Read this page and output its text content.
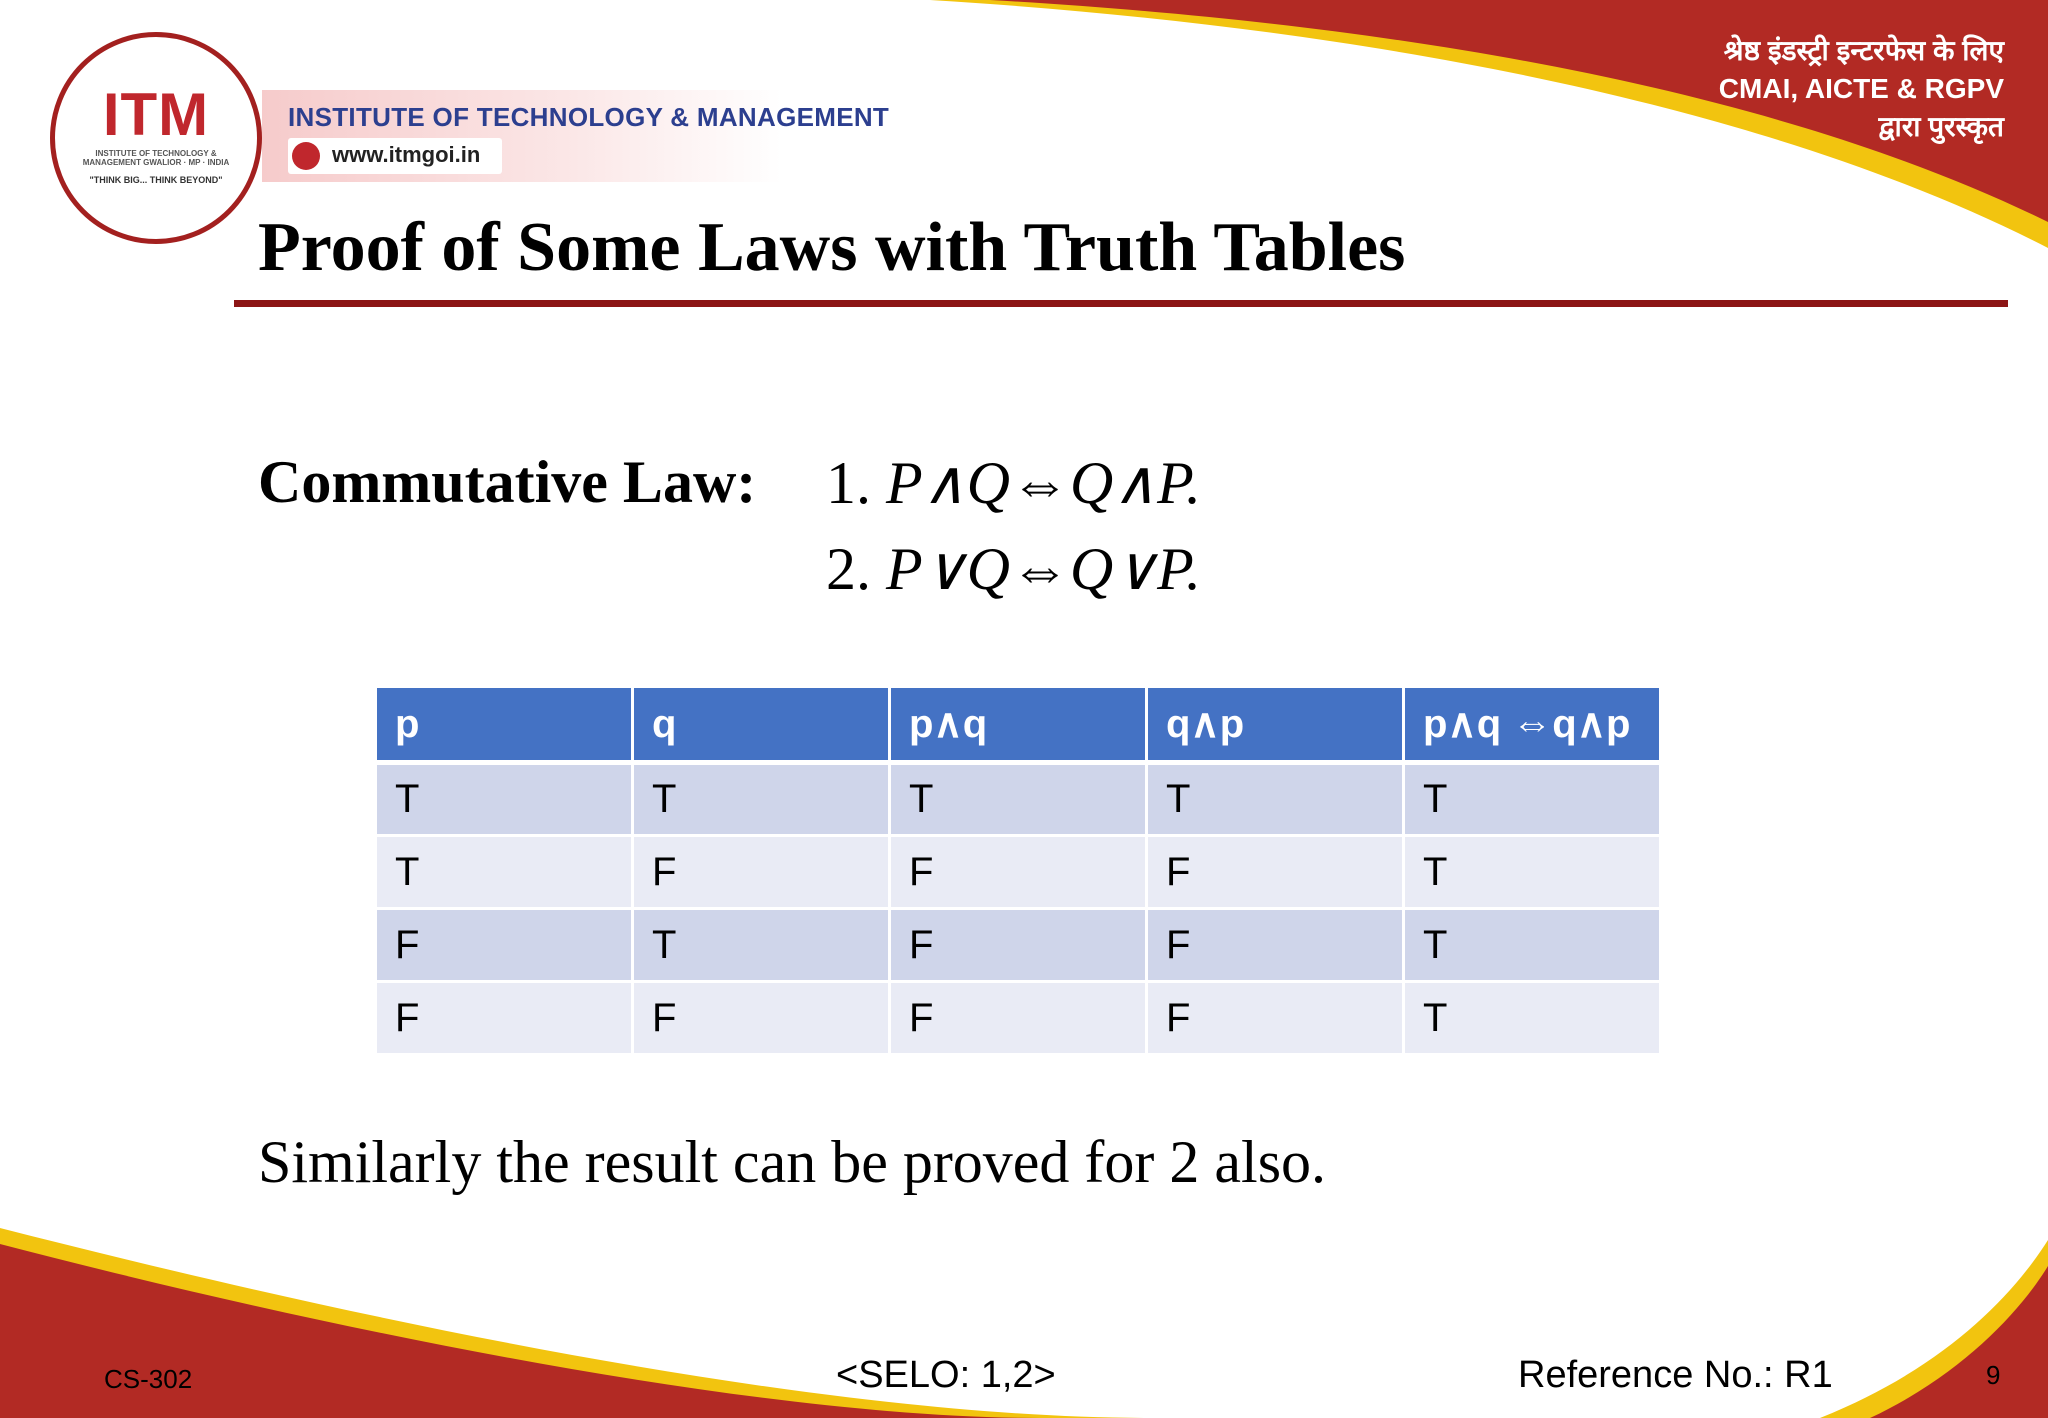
ITM
INSTITUTE OF TECHNOLOGY & MANAGEMENT GWALIOR · MP · INDIA
"THINK BIG... THINK BEYOND"
INSTITUTE OF TECHNOLOGY & MANAGEMENT
www.itmgoi.in
श्रेष्ठ इंडस्ट्री इन्टरफेस के लिए
CMAI, AICTE & RGPV
द्वारा पुरस्कृत
Proof of Some Laws with Truth Tables
Commutative Law: 1. P∧Q⇔Q∧P.
2. P∨Q⇔Q∨P.
p	q	p∧q	q∧p	p∧q ⇔q∧p
T	T	T	T	T
T	F	F	F	T
F	T	F	F	T
F	F	F	F	T
Similarly the result can be proved for 2 also.
CS-302	<SELO: 1,2>	Reference No.: R1	9
